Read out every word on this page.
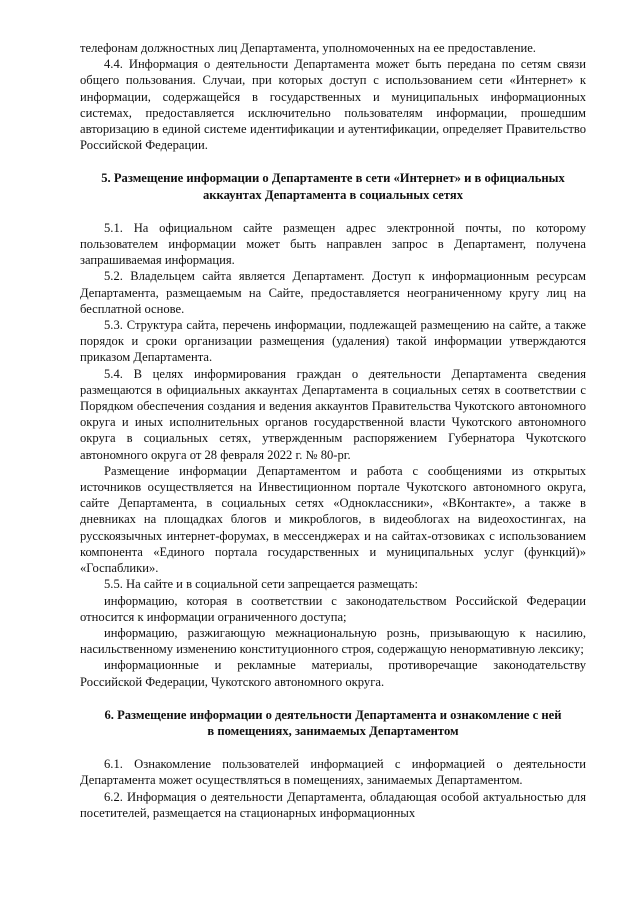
телефонам должностных лиц Департамента, уполномоченных на ее предоставление.

4.4. Информация о деятельности Департамента может быть передана по сетям связи общего пользования. Случаи, при которых доступ с использованием сети «Интернет» к информации, содержащейся в государственных и муниципальных информационных системах, предоставляется исключительно пользователям информации, прошедшим авторизацию в единой системе идентификации и аутентификации, определяет Правительство Российской Федерации.

5. Размещение информации о Департаменте в сети «Интернет» и в официальных

аккаунтах Департамента в социальных сетях

5.1. На официальном сайте размещен адрес электронной почты, по которому пользователем информации может быть направлен запрос в Департамент, получена запрашиваемая информация.

5.2. Владельцем сайта является Департамент. Доступ к информационным ресурсам Департамента, размещаемым на Сайте, предоставляется неограниченному кругу лиц на бесплатной основе.

5.3. Структура сайта, перечень информации, подлежащей размещению на сайте, а также порядок и сроки организации размещения (удаления) такой информации утверждаются приказом Департамента.

5.4. В целях информирования граждан о деятельности Департамента сведения размещаются в официальных аккаунтах Департамента в социальных сетях в соответствии с Порядком обеспечения создания и ведения аккаунтов Правительства Чукотского автономного округа и иных исполнительных органов государственной власти Чукотского автономного округа в социальных сетях, утвержденным распоряжением Губернатора Чукотского автономного округа от 28 февраля 2022 г. № 80-рг.

Размещение информации Департаментом и работа с сообщениями из открытых источников осуществляется на Инвестиционном портале Чукотского автономного округа, сайте Департамента, в социальных сетях «Одноклассники», «ВКонтакте», а также в дневниках на площадках блогов и микроблогов, в видеоблогах на видеохостингах, на русскоязычных интернет-форумах, в мессенджерах и на сайтах-отзовиках с использованием компонента «Единого портала государственных и муниципальных услуг (функций)» «Госпаблики».

5.5. На сайте и в социальной сети запрещается размещать:

информацию, которая в соответствии с законодательством Российской Федерации относится к информации ограниченного доступа;

информацию, разжигающую межнациональную рознь, призывающую к насилию, насильственному изменению конституционного строя, содержащую ненормативную лексику;

информационные и рекламные материалы, противоречащие законодательству Российской Федерации, Чукотского автономного округа.

6. Размещение информации о деятельности Департамента и ознакомление с ней

в помещениях, занимаемых Департаментом

6.1. Ознакомление пользователей информацией с информацией о деятельности Департамента может осуществляться в помещениях, занимаемых Департаментом.

6.2. Информация о деятельности Департамента, обладающая особой актуальностью для посетителей, размещается на стационарных информационных
